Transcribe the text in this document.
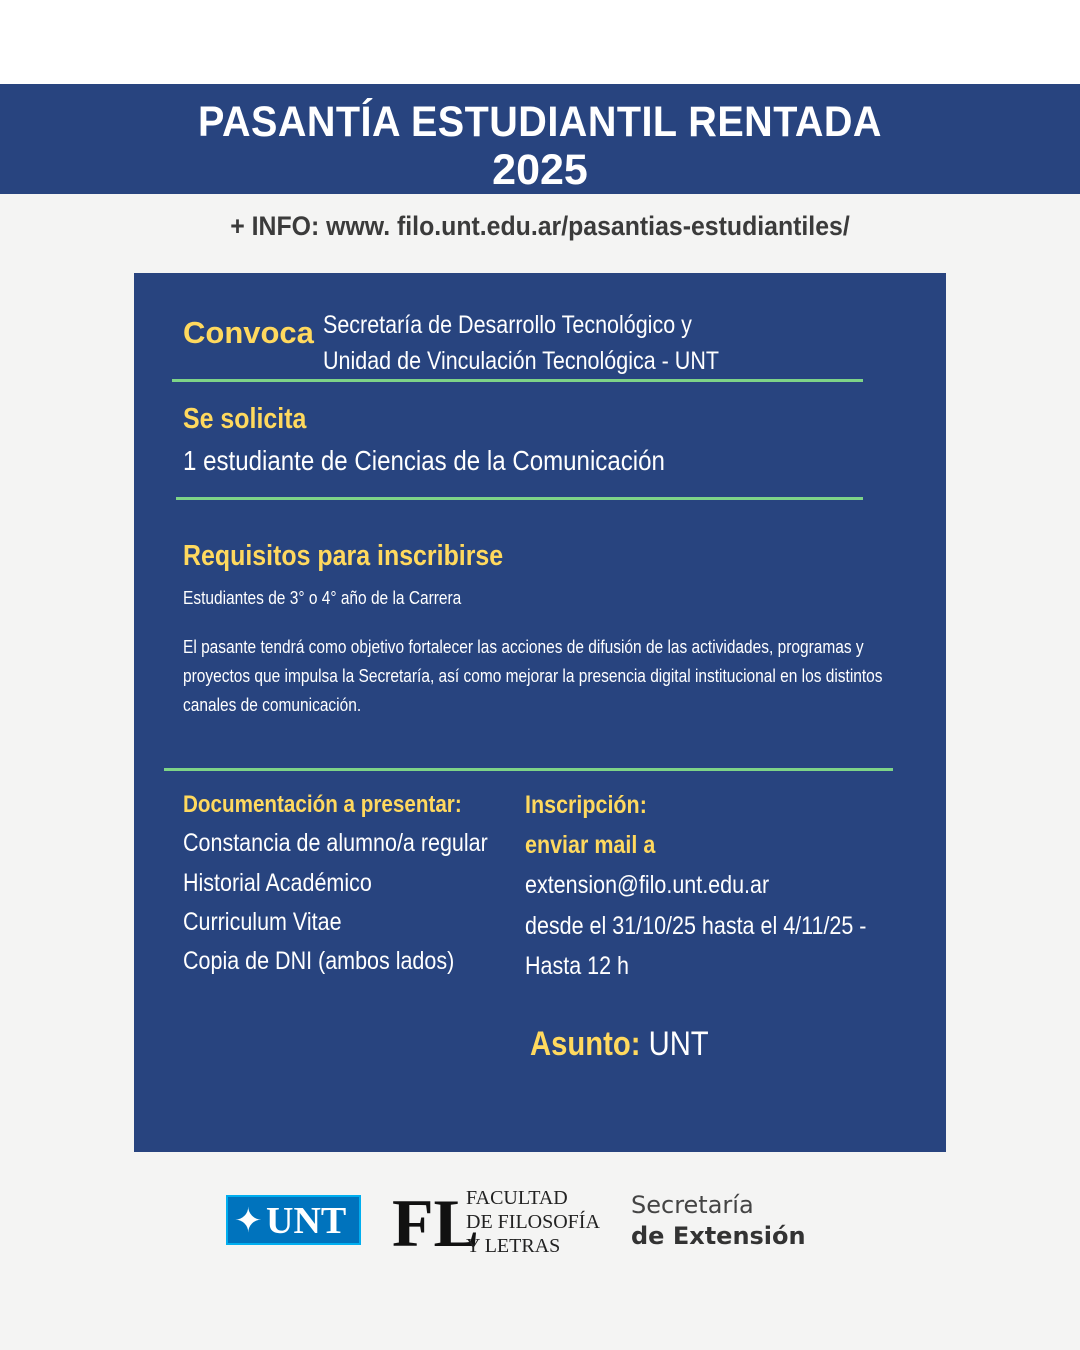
PASANTÍA ESTUDIANTIL RENTADA
2025
+ INFO: www. filo.unt.edu.ar/pasantias-estudiantiles/
Convoca Secretaría de Desarrollo Tecnológico y
Unidad de Vinculación Tecnológica - UNT
Se solicita
1 estudiante de Ciencias de la Comunicación
Requisitos para inscribirse
Estudiantes de 3° o 4° año de la Carrera
El pasante tendrá como objetivo fortalecer las acciones de difusión de las actividades, programas y
proyectos que impulsa la Secretaría, así como mejorar la presencia digital institucional en los distintos
canales de comunicación.
Documentación a presentar:
Constancia de alumno/a regular
Historial Académico
Curriculum Vitae
Copia de DNI (ambos lados)
Inscripción:
enviar mail a
extension@filo.unt.edu.ar
desde el 31/10/25 hasta el 4/11/25 -
Hasta 12 h
Asunto: UNT
✦ UNT FL
FACULTAD
DE FILOSOFÍA
Y LETRAS
Secretaría
de Extensión
